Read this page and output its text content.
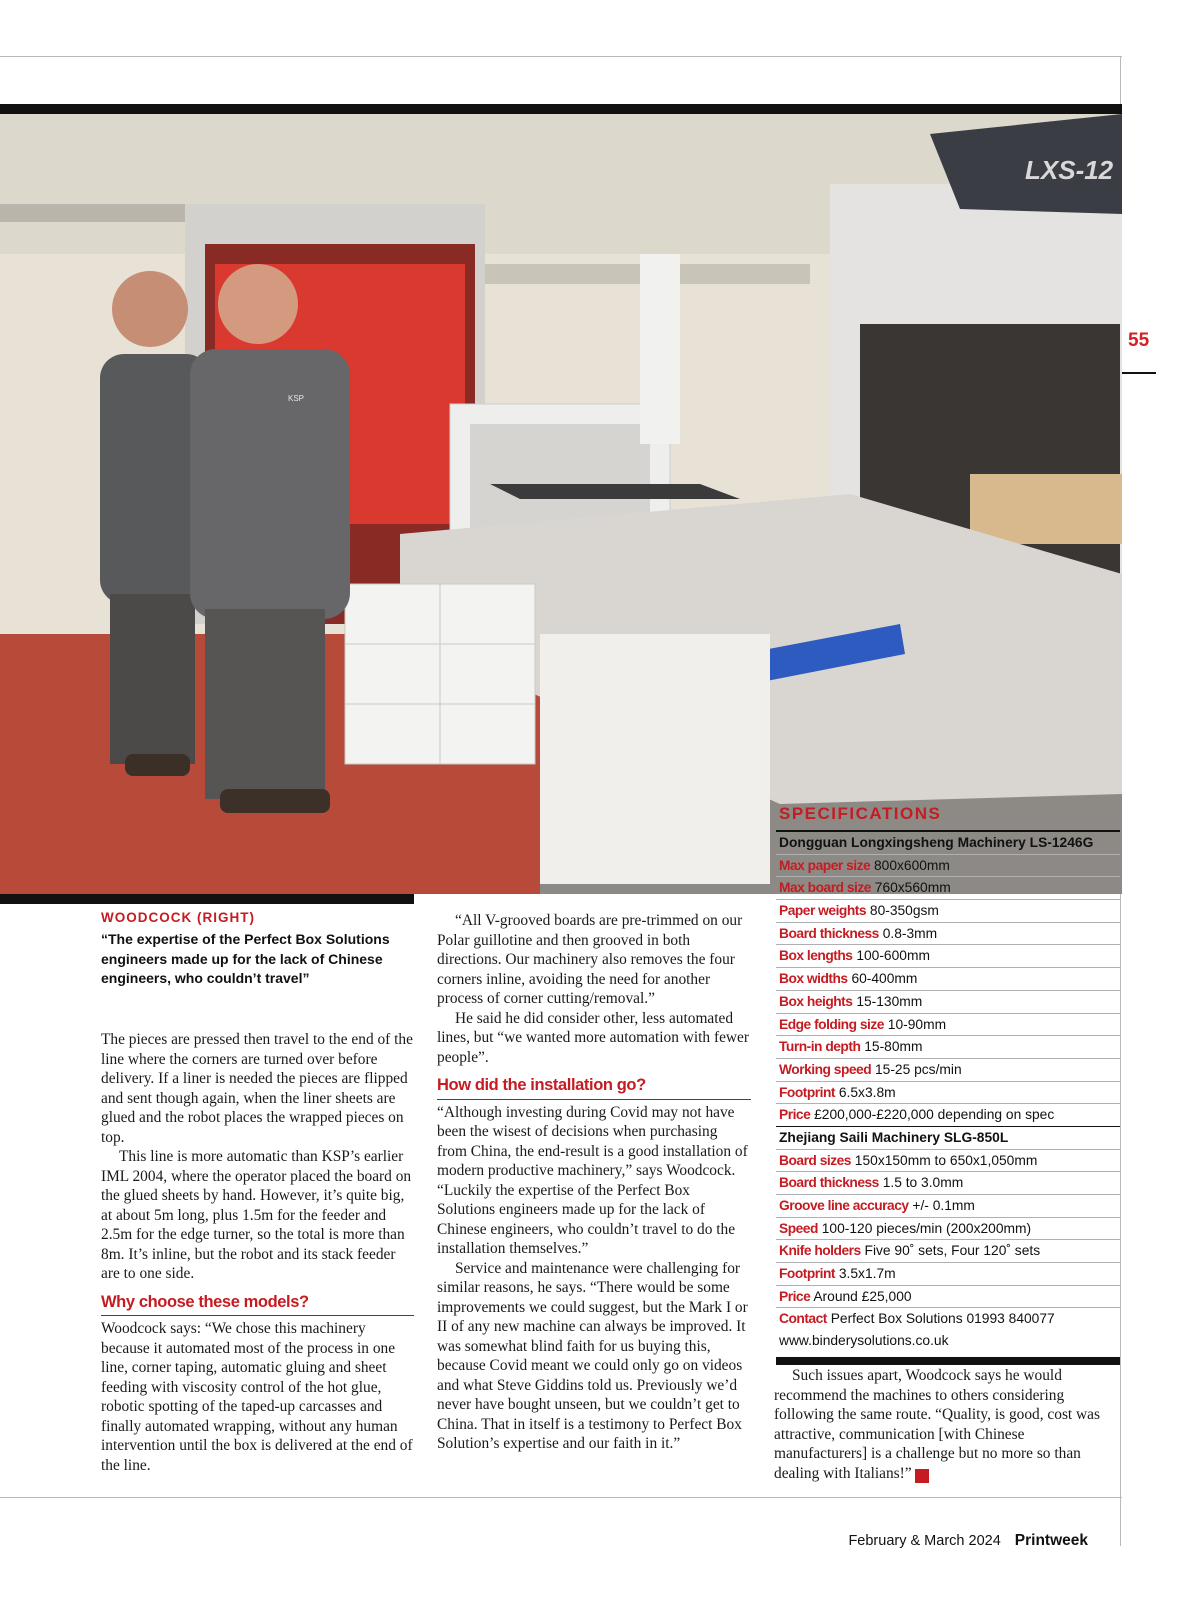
LXS-12
KSP
55
WOODCOCK (RIGHT)
“The expertise of the Perfect Box Solutions engineers made up for the lack of Chinese engineers, who couldn’t travel”

The pieces are pressed then travel to the end of the line where the corners are turned over before delivery. If a liner is needed the pieces are flipped and sent though again, when the liner sheets are glued and the robot places the wrapped pieces on top.

This line is more automatic than KSP’s earlier IML 2004, where the operator placed the board on the glued sheets by hand. However, it’s quite big, at about 5m long, plus 1.5m for the feeder and 2.5m for the edge turner, so the total is more than 8m. It’s inline, but the robot and its stack feeder are to one side.

Why choose these models?

Woodcock says: “We chose this machinery because it automated most of the process in one line, corner taping, automatic gluing and sheet feeding with viscosity control of the hot glue, robotic spotting of the taped-up carcasses and finally automated wrapping, without any human intervention until the box is delivered at the end of the line.

“All V-grooved boards are pre-trimmed on our Polar guillotine and then grooved in both directions. Our machinery also removes the four corners inline, avoiding the need for another process of corner cutting/removal.”

He said he did consider other, less automated lines, but “we wanted more automation with fewer people”.

How did the installation go?

“Although investing during Covid may not have been the wisest of decisions when purchasing from China, the end-result is a good installation of modern productive machinery,” says Woodcock. “Luckily the expertise of the Perfect Box Solutions engineers made up for the lack of Chinese engineers, who couldn’t travel to do the installation themselves.”

Service and maintenance were challenging for similar reasons, he says. “There would be some improvements we could suggest, but the Mark I or II of any new machine can always be improved. It was somewhat blind faith for us buying this, because Covid meant we could only go on videos and what Steve Giddins told us. Previously we’d never have bought unseen, but we couldn’t get to China. That in itself is a testimony to Perfect Box Solution’s expertise and our faith in it.”

SPECIFICATIONS
Dongguan Longxingsheng Machinery LS-1246G
Max paper size 800x600mm
Max board size 760x560mm
Paper weights 80-350gsm
Board thickness 0.8-3mm
Box lengths 100-600mm
Box widths 60-400mm
Box heights 15-130mm
Edge folding size 10-90mm
Turn-in depth 15-80mm
Working speed 15-25 pcs/min
Footprint 6.5x3.8m
Price £200,000-£220,000 depending on spec
Zhejiang Saili Machinery SLG-850L
Board sizes 150x150mm to 650x1,050mm
Board thickness 1.5 to 3.0mm
Groove line accuracy +/- 0.1mm
Speed 100-120 pieces/min (200x200mm)
Knife holders Five 90˚ sets, Four 120˚ sets
Footprint 3.5x1.7m
Price Around £25,000
Contact Perfect Box Solutions 01993 840077
www.binderysolutions.co.uk

Such issues apart, Woodcock says he would recommend the machines to others considering following the same route. “Quality, is good, cost was attractive, communication [with Chinese manufacturers] is a challenge but no more so than dealing with Italians!” P

February & March 2024 Printweek
